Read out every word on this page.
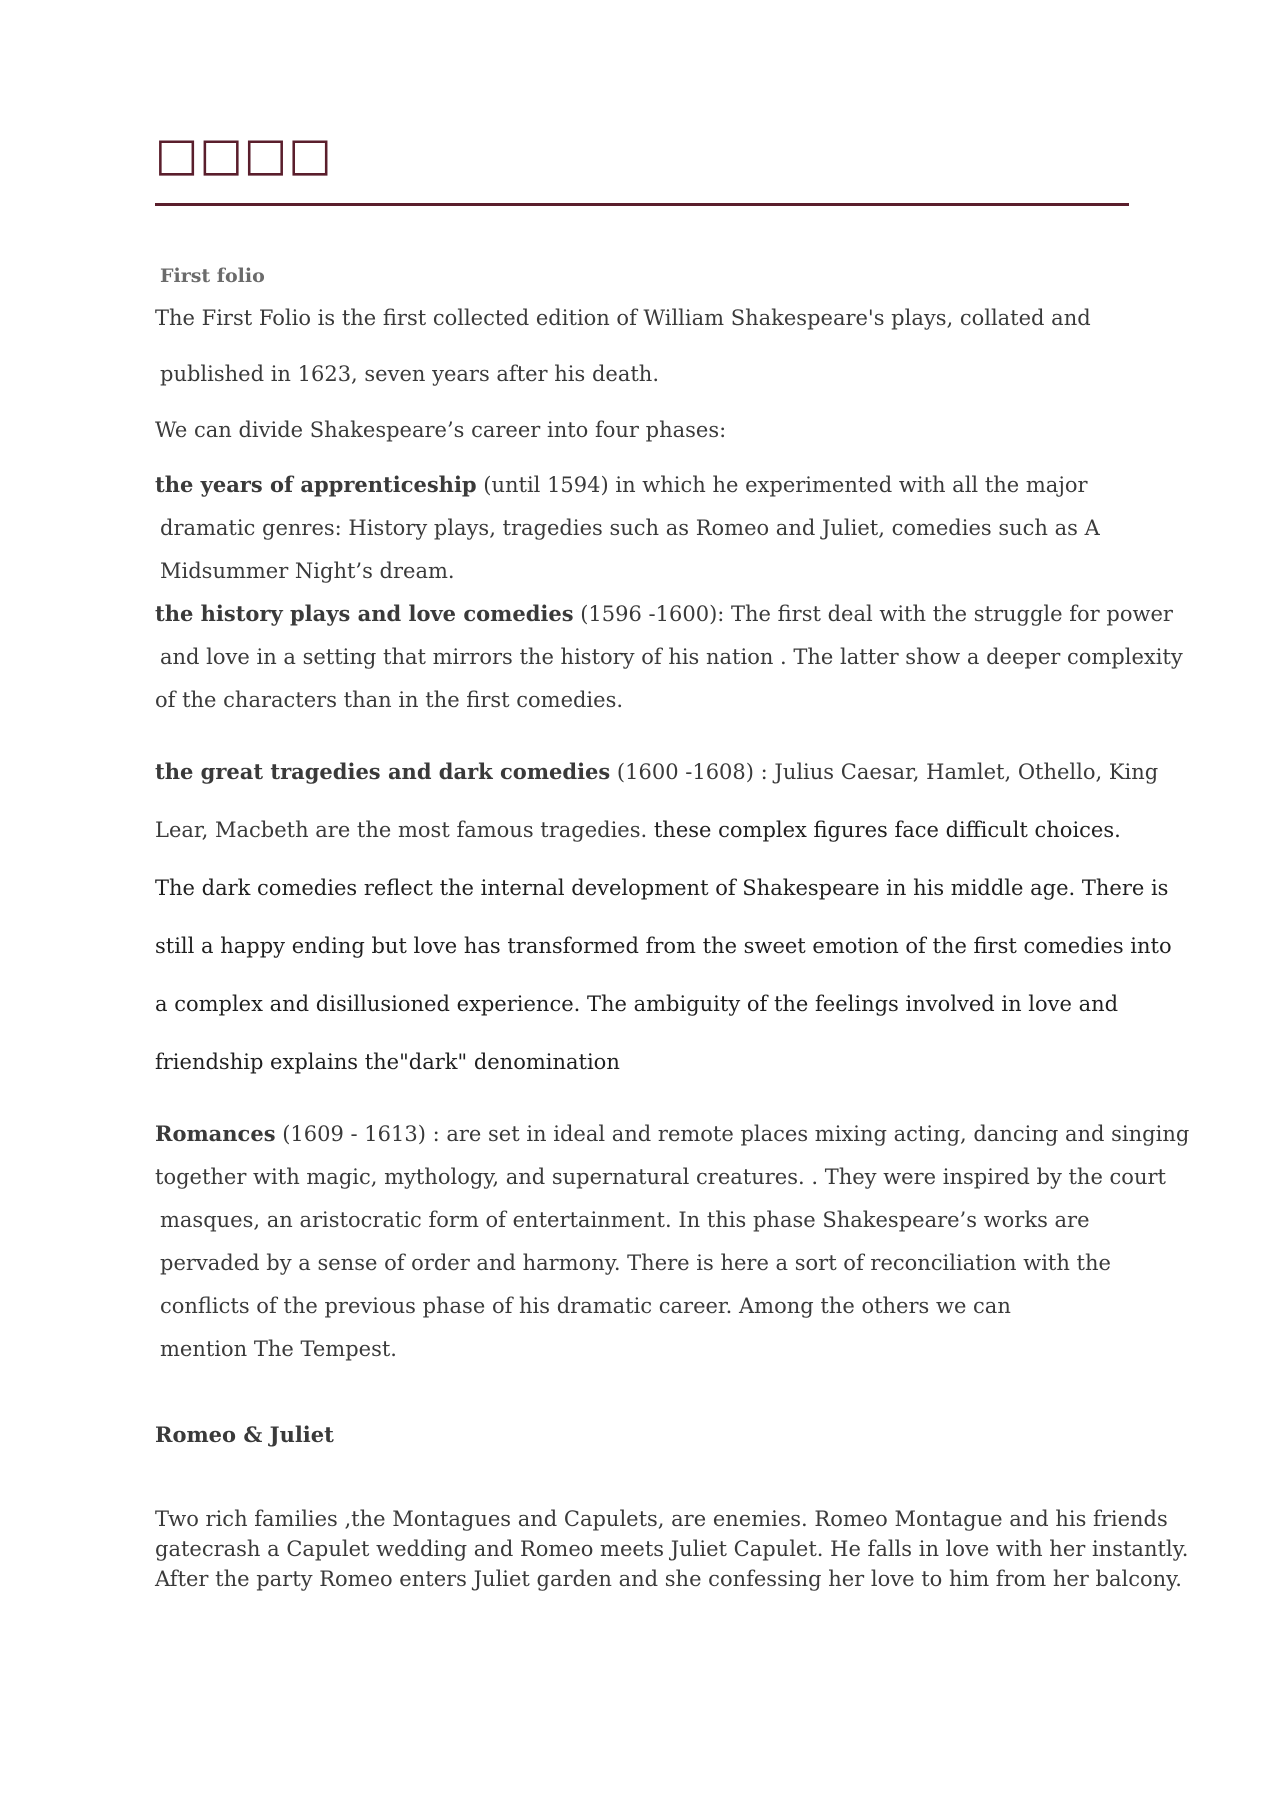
□□□□
First folio
The First Folio is the first collected edition of William Shakespeare's plays, collated and
published in 1623, seven years after his death.
We can divide Shakespeare’s career into four phases:
the years of apprenticeship (until 1594) in which he experimented with all the major
dramatic genres: History plays, tragedies such as Romeo and Juliet, comedies such as A
Midsummer Night’s dream.
the history plays and love comedies (1596 -1600): The first deal with the struggle for power
and love in a setting that mirrors the history of his nation . The latter show a deeper complexity
of the characters than in the first comedies.
the great tragedies and dark comedies (1600 -1608) : Julius Caesar, Hamlet, Othello, King
Lear, Macbeth are the most famous tragedies. these complex figures face difficult choices.
The dark comedies reflect the internal development of Shakespeare in his middle age. There is
still a happy ending but love has transformed from the sweet emotion of the first comedies into
a complex and disillusioned experience. The ambiguity of the feelings involved in love and
friendship explains the"dark" denomination
Romances (1609 - 1613) : are set in ideal and remote places mixing acting, dancing and singing
together with magic, mythology, and supernatural creatures. . They were inspired by the court
masques, an aristocratic form of entertainment. In this phase Shakespeare’s works are
pervaded by a sense of order and harmony. There is here a sort of reconciliation with the
conflicts of the previous phase of his dramatic career. Among the others we can
mention The Tempest.
Romeo & Juliet
Two rich families ,the Montagues and Capulets, are enemies. Romeo Montague and his friends
gatecrash a Capulet wedding and Romeo meets Juliet Capulet. He falls in love with her instantly.
After the party Romeo enters Juliet garden and she confessing her love to him from her balcony.
